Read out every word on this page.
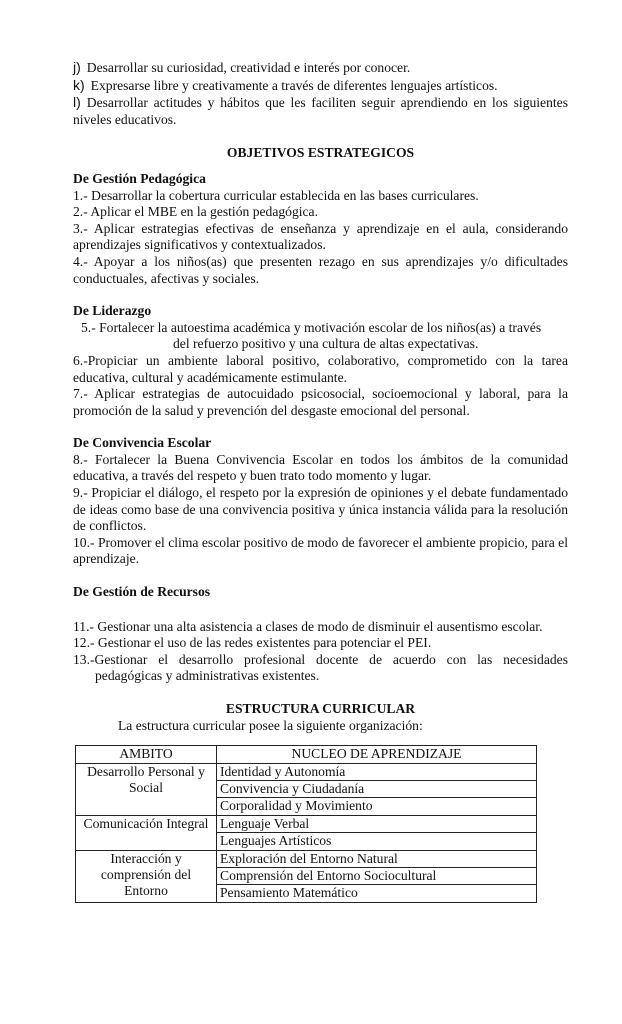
j) Desarrollar su curiosidad, creatividad e interés por conocer.

k) Expresarse libre y creativamente a través de diferentes lenguajes artísticos.

l) Desarrollar actitudes y hábitos que les faciliten seguir aprendiendo en los siguientes niveles educativos.

OBJETIVOS ESTRATEGICOS

De Gestión Pedagógica

1.- Desarrollar la cobertura curricular establecida en las bases curriculares.

2.- Aplicar el MBE en la gestión pedagógica.

3.- Aplicar estrategias efectivas de enseñanza y aprendizaje en el aula, considerando aprendizajes significativos y contextualizados.

4.- Apoyar a los niños(as) que presenten rezago en sus aprendizajes y/o dificultades conductuales, afectivas y sociales.

De Liderazgo

5.- Fortalecer la autoestima académica y motivación escolar de los niños(as) a través
del refuerzo positivo y una cultura de altas expectativas.

6.-Propiciar un ambiente laboral positivo, colaborativo, comprometido con la tarea educativa, cultural y académicamente estimulante.

7.- Aplicar estrategias de autocuidado psicosocial, socioemocional y laboral, para la promoción de la salud y prevención del desgaste emocional del personal.

De Convivencia Escolar

8.- Fortalecer la Buena Convivencia Escolar en todos los ámbitos de la comunidad educativa, a través del respeto y buen trato todo momento y lugar.

9.- Propiciar el diálogo, el respeto por la expresión de opiniones y el debate fundamentado de ideas como base de una convivencia positiva y única instancia válida para la resolución de conflictos.

10.- Promover el clima escolar positivo de modo de favorecer el ambiente propicio, para el aprendizaje.

De Gestión de Recursos

11.- Gestionar una alta asistencia a clases de modo de disminuir el ausentismo escolar.

12.- Gestionar el uso de las redes existentes para potenciar el PEI.

13.-Gestionar el desarrollo profesional docente de acuerdo con las necesidades pedagógicas y administrativas existentes.

ESTRUCTURA CURRICULAR

La estructura curricular posee la siguiente organización:

AMBITO	NUCLEO DE APRENDIZAJE
Desarrollo Personal y Social	Identidad y Autonomía
	Convivencia y Ciudadanía
	Corporalidad y Movimiento
Comunicación Integral	Lenguaje Verbal
	Lenguajes Artísticos
Interacción y comprensión del Entorno	Exploración del Entorno Natural
	Comprensión del Entorno Sociocultural
	Pensamiento Matemático
